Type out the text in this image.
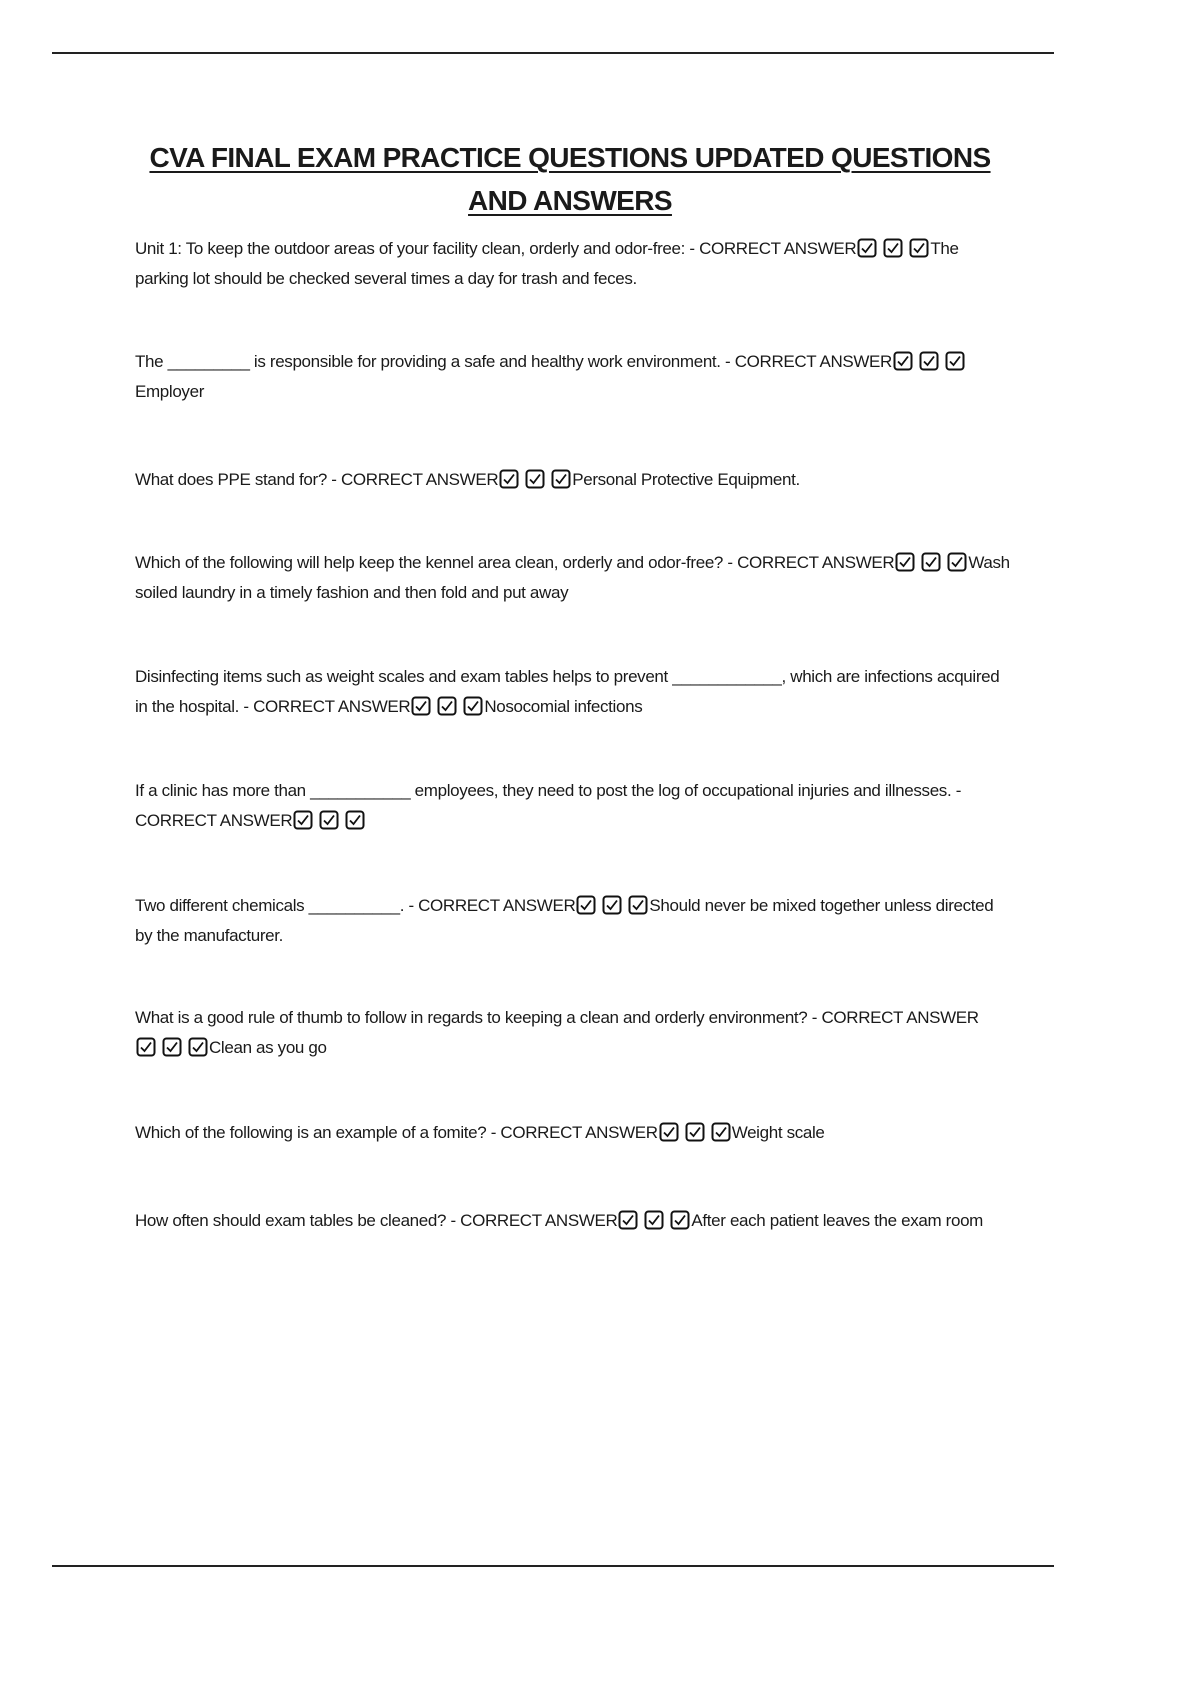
CVA FINAL EXAM PRACTICE QUESTIONS UPDATED QUESTIONS AND ANSWERS
Unit 1: To keep the outdoor areas of your facility clean, orderly and odor-free: - CORRECT ANSWER	The parking lot should be checked several times a day for trash and feces.
The _________ is responsible for providing a safe and healthy work environment. - CORRECT ANSWER
Employer
What does PPE stand for? - CORRECT ANSWER	Personal Protective Equipment.
Which of the following will help keep the kennel area clean, orderly and odor-free? - CORRECT ANSWER	Wash soiled laundry in a timely fashion and then fold and put away
Disinfecting items such as weight scales and exam tables helps to prevent ____________, which are infections acquired in the hospital. - CORRECT ANSWER	Nosocomial infections
If a clinic has more than ___________ employees, they need to post the log of occupational injuries and illnesses. - CORRECT ANSWER
Two different chemicals __________. - CORRECT ANSWER	Should never be mixed together unless directed by the manufacturer.
What is a good rule of thumb to follow in regards to keeping a clean and orderly environment? - CORRECT ANSWER
Clean as you go
Which of the following is an example of a fomite? - CORRECT ANSWER	Weight scale
How often should exam tables be cleaned? - CORRECT ANSWER	After each patient leaves the exam room
